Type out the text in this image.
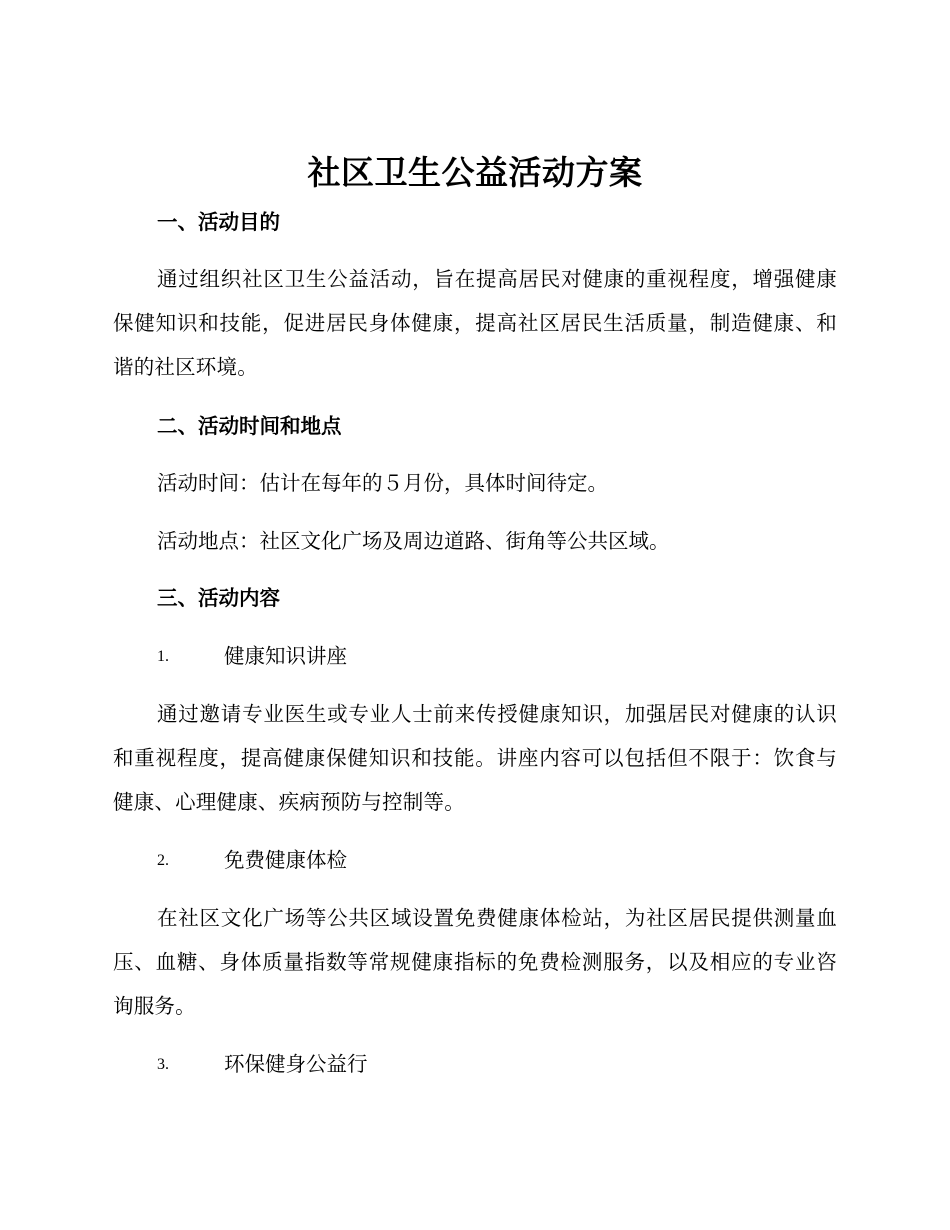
社区卫生公益活动方案
一、活动目的
通过组织社区卫生公益活动，旨在提高居民对健康的重视程度，增强健康保健知识和技能，促进居民身体健康，提高社区居民生活质量，制造健康、和谐的社区环境。
二、活动时间和地点
活动时间：估计在每年的５月份，具体时间待定。
活动地点：社区文化广场及周边道路、街角等公共区域。
三、活动内容
1.	健康知识讲座
通过邀请专业医生或专业人士前来传授健康知识，加强居民对健康的认识和重视程度，提高健康保健知识和技能。讲座内容可以包括但不限于：饮食与健康、心理健康、疾病预防与控制等。
2.	免费健康体检
在社区文化广场等公共区域设置免费健康体检站，为社区居民提供测量血压、血糖、身体质量指数等常规健康指标的免费检测服务，以及相应的专业咨询服务。
3.	环保健身公益行
